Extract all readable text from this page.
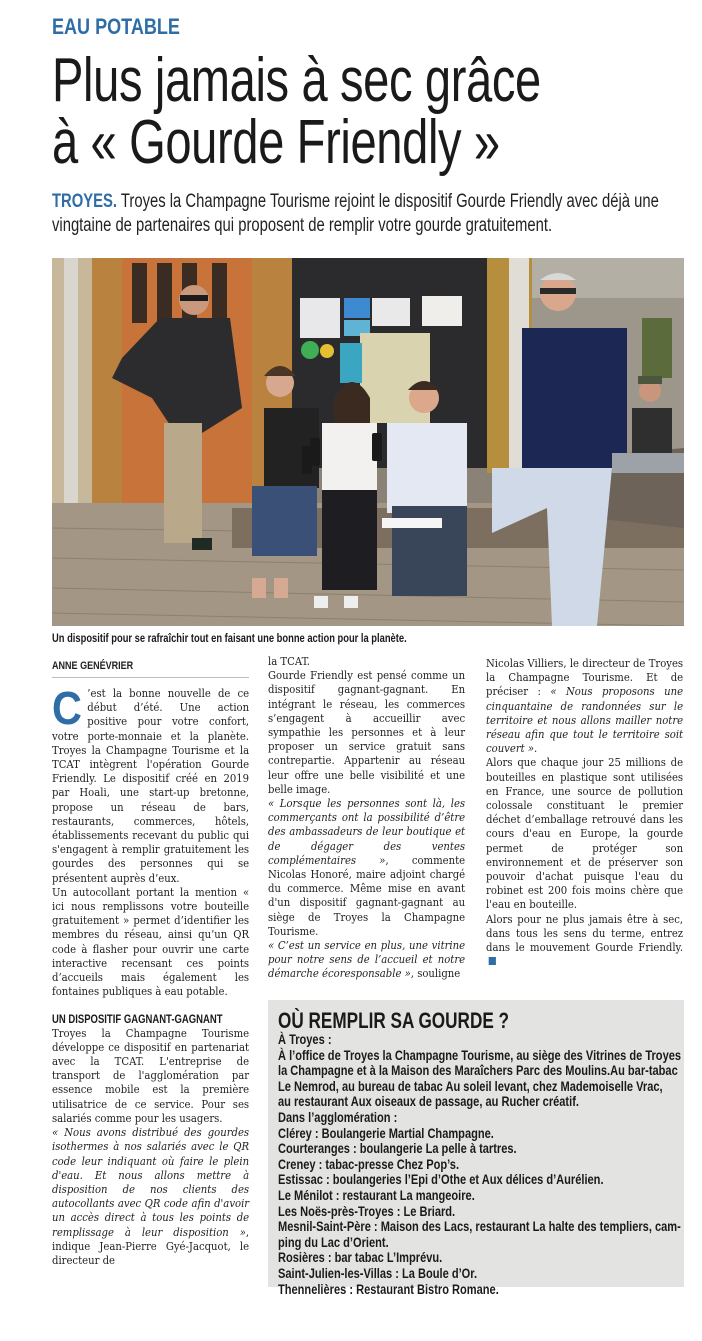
EAU POTABLE
Plus jamais à sec grâce
à « Gourde Friendly »
TROYES. Troyes la Champagne Tourisme rejoint le dispositif Gourde Friendly avec déjà une vingtaine de partenaires qui proposent de remplir votre gourde gratuitement.
Un dispositif pour se rafraîchir tout en faisant une bonne action pour la planète.
ANNE GENÉVRIER

C ’est la bonne nouvelle de ce début d’été. Une action positive pour votre confort, votre porte-monnaie et la planète. Troyes la Champagne Tourisme et la TCAT intègrent l'opération Gourde Friendly. Le dispositif créé en 2019 par Hoali, une start-up bretonne, propose un réseau de bars, restaurants, commerces, hôtels, établissements recevant du public qui s'engagent à remplir gratuitement les gourdes des personnes qui se présentent auprès d’eux.

Un autocollant portant la mention « ici nous remplissons votre bouteille gratuitement » permet d’identifier les membres du réseau, ainsi qu’un QR code à flasher pour ouvrir une carte interactive recensant ces points d’accueils mais également les fontaines publiques à eau potable.

UN DISPOSITIF GAGNANT-GAGNANT

Troyes la Champagne Tourisme développe ce dispositif en partenariat avec la TCAT. L'entreprise de transport de l'agglomération par essence mobile est la première utilisatrice de ce service. Pour ses salariés comme pour les usagers.

« Nous avons distribué des gourdes isothermes à nos salariés avec le QR code leur indiquant où faire le plein d'eau. Et nous allons mettre à disposition de nos clients des autocollants avec QR code afin d'avoir un accès direct à tous les points de remplissage à leur disposition », indique Jean-Pierre Gyé-Jacquot, le directeur de

la TCAT.

Gourde Friendly est pensé comme un dispositif gagnant-gagnant. En intégrant le réseau, les commerces s’engagent à accueillir avec sympathie les personnes et à leur proposer un service gratuit sans contrepartie. Appartenir au réseau leur offre une belle visibilité et une belle image.

« Lorsque les personnes sont là, les commerçants ont la possibilité d’être des ambassadeurs de leur boutique et de dégager des ventes complémentaires », commente Nicolas Honoré, maire adjoint chargé du commerce. Même mise en avant d'un dispositif gagnant-gagnant au siège de Troyes la Champagne Tourisme.

« C’est un service en plus, une vitrine pour notre sens de l’accueil et notre démarche écoresponsable », souligne

Nicolas Villiers, le directeur de Troyes la Champagne Tourisme. Et de préciser : « Nous proposons une cinquantaine de randonnées sur le territoire et nous allons mailler notre réseau afin que tout le territoire soit couvert ».

Alors que chaque jour 25 millions de bouteilles en plastique sont utilisées en France, une source de pollution colossale constituant le premier déchet d’emballage retrouvé dans les cours d'eau en Europe, la gourde permet de protéger son environnement et de préserver son pouvoir d'achat puisque l'eau du robinet est 200 fois moins chère que l'eau en bouteille.

Alors pour ne plus jamais être à sec, dans tous les sens du terme, entrez dans le mouvement Gourde Friendly.

OÙ REMPLIR SA GOURDE ?
À Troyes :
À l’office de Troyes la Champagne Tourisme, au siège des Vitrines de Troyes
la Champagne et à la Maison des Maraîchers Parc des Moulins.Au bar-tabac
Le Nemrod, au bureau de tabac Au soleil levant, chez Mademoiselle Vrac,
au restaurant Aux oiseaux de passage, au Rucher créatif.
Dans l’agglomération :
Clérey : Boulangerie Martial Champagne.
Courteranges : boulangerie La pelle à tartres.
Creney : tabac-presse Chez Pop’s.
Estissac : boulangeries l’Epi d’Othe et Aux délices d’Aurélien.
Le Ménilot : restaurant La mangeoire.
Les Noës-près-Troyes : Le Briard.
Mesnil-Saint-Père : Maison des Lacs, restaurant La halte des templiers, cam-
ping du Lac d’Orient.
Rosières : bar tabac L’Imprévu.
Saint-Julien-les-Villas : La Boule d’Or.
Thennelières : Restaurant Bistro Romane.
